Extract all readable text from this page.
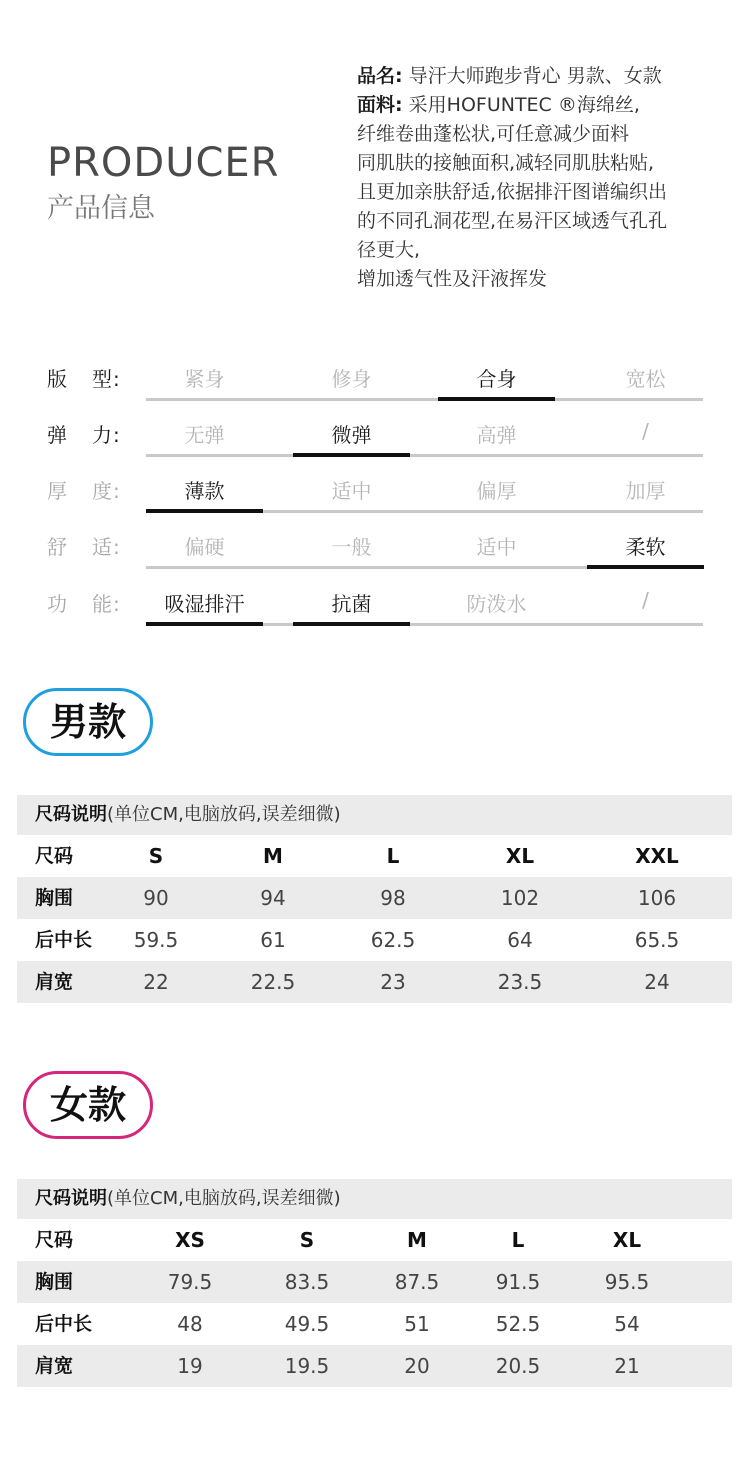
PRODUCER
产品信息

品名: 导汗大师跑步背心 男款、女款

面料: 采用HOFUNTEC ®海绵丝,

纤维卷曲蓬松状,可任意减少面料

同肌肤的接触面积,减轻同肌肤粘贴,

且更加亲肤舒适,依据排汗图谱编织出

的不同孔洞花型,在易汗区域透气孔孔

径更大,

增加透气性及汗液挥发

版 型:	紧身	修身	合身	宽松
弹 力:	无弹	微弹	高弹	/
厚 度:	薄款	适中	偏厚	加厚
舒 适:	偏硬	一般	适中	柔软
功 能:	吸湿排汗	抗菌	防泼水	/
男款
尺码说明(单位CM,电脑放码,误差细微)
尺码	S	M	L	XL	XXL
胸围	90	94	98	102	106
后中长	59.5	61	62.5	64	65.5
肩宽	22	22.5	23	23.5	24
女款
尺码说明(单位CM,电脑放码,误差细微)
尺码	XS	S	M	L	XL
胸围	79.5	83.5	87.5	91.5	95.5
后中长	48	49.5	51	52.5	54
肩宽	19	19.5	20	20.5	21
